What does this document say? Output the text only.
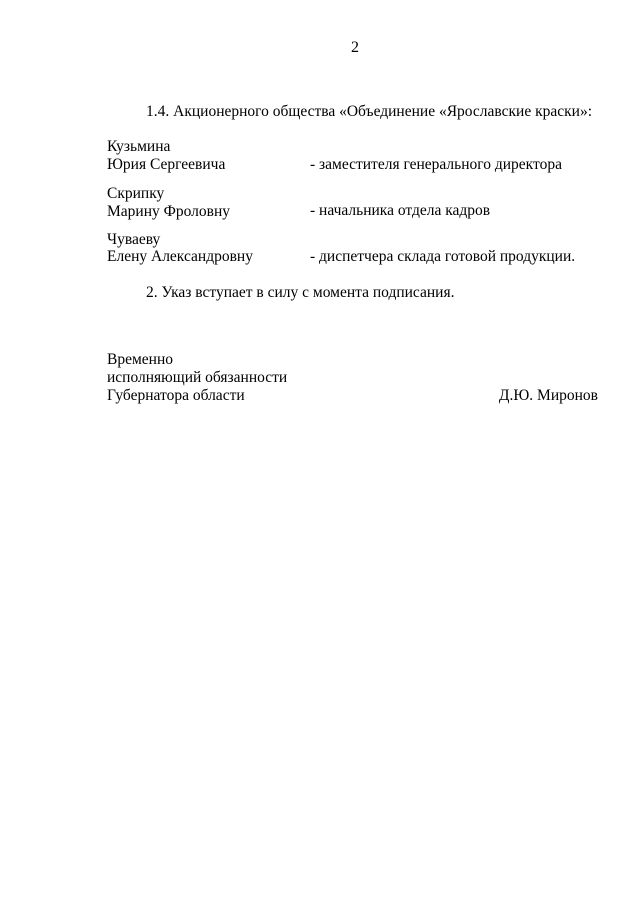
2
1.4. Акционерного общества «Объединение «Ярославские краски»:
Кузьмина
Юрия Сергеевича	- заместителя генерального директора
Скрипку
Марину Фроловну	- начальника отдела кадров
Чуваеву
Елену Александровну	- диспетчера склада готовой продукции.
2. Указ вступает в силу с момента подписания.
Временно
исполняющий обязанности
Губернатора области	Д.Ю. Миронов
